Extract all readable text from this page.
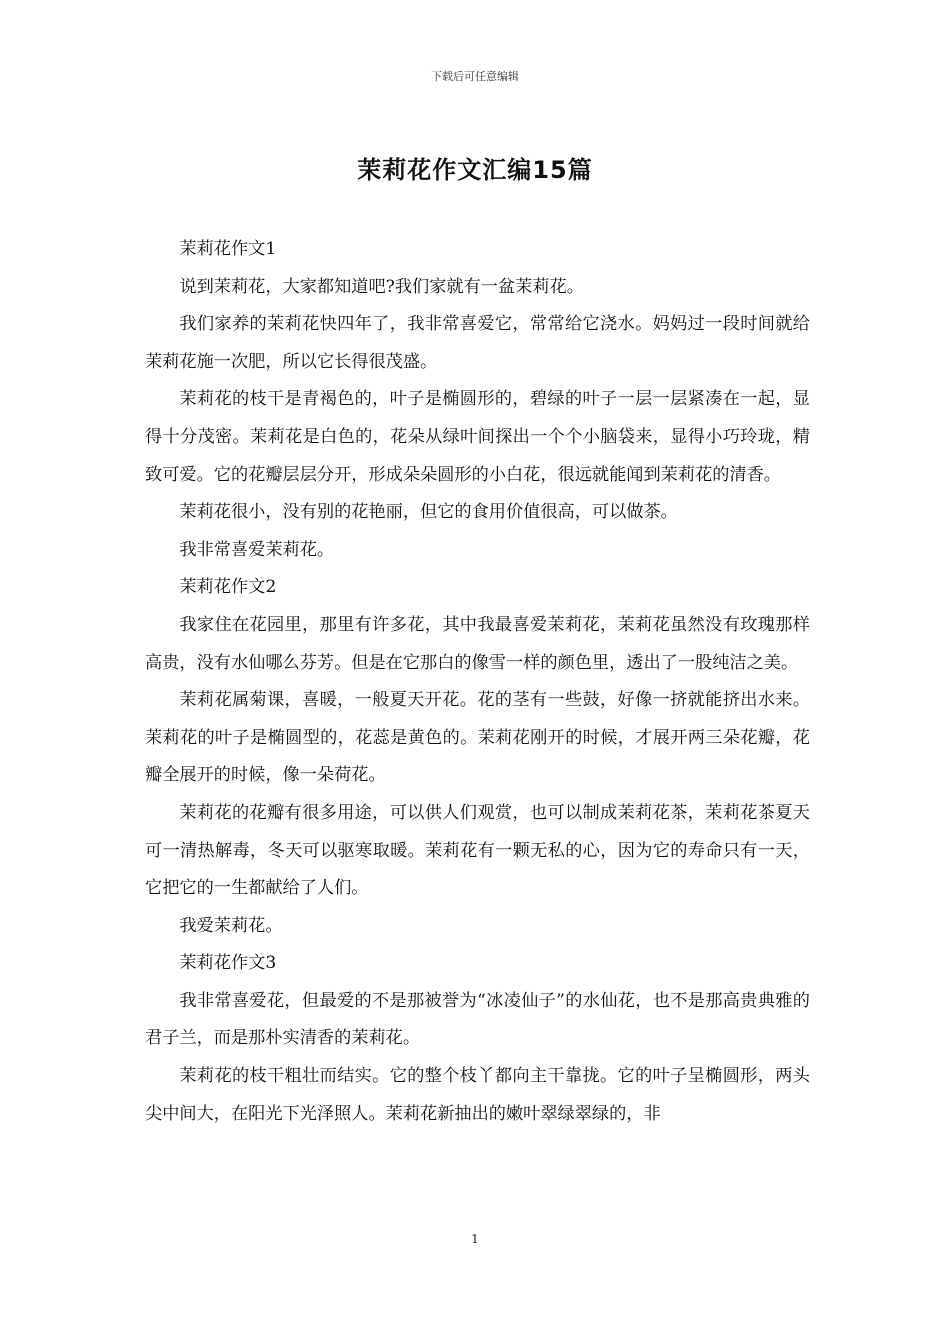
下载后可任意编辑
茉莉花作文汇编15篇

茉莉花作文1

说到茉莉花，大家都知道吧?我们家就有一盆茉莉花。

我们家养的茉莉花快四年了，我非常喜爱它，常常给它浇水。妈妈过一段时间就给茉莉花施一次肥，所以它长得很茂盛。

茉莉花的枝干是青褐色的，叶子是椭圆形的，碧绿的叶子一层一层紧凑在一起，显得十分茂密。茉莉花是白色的，花朵从绿叶间探出一个个小脑袋来，显得小巧玲珑，精致可爱。它的花瓣层层分开，形成朵朵圆形的小白花，很远就能闻到茉莉花的清香。

茉莉花很小，没有别的花艳丽，但它的食用价值很高，可以做茶。

我非常喜爱茉莉花。

茉莉花作文2

我家住在花园里，那里有许多花，其中我最喜爱茉莉花，茉莉花虽然没有玫瑰那样高贵，没有水仙哪么芬芳。但是在它那白的像雪一样的颜色里，透出了一股纯洁之美。

茉莉花属菊课，喜暖，一般夏天开花。花的茎有一些鼓，好像一挤就能挤出水来。茉莉花的叶子是椭圆型的，花蕊是黄色的。茉莉花刚开的时候，才展开两三朵花瓣，花瓣全展开的时候，像一朵荷花。

茉莉花的花瓣有很多用途，可以供人们观赏，也可以制成茉莉花茶，茉莉花茶夏天可一清热解毒，冬天可以驱寒取暖。茉莉花有一颗无私的心，因为它的寿命只有一天，它把它的一生都献给了人们。

我爱茉莉花。

茉莉花作文3

我非常喜爱花，但最爱的不是那被誉为“冰凌仙子”的水仙花，也不是那高贵典雅的君子兰，而是那朴实清香的茉莉花。

茉莉花的枝干粗壮而结实。它的整个枝丫都向主干靠拢。它的叶子呈椭圆形，两头尖中间大，在阳光下光泽照人。茉莉花新抽出的嫩叶翠绿翠绿的，非

1
